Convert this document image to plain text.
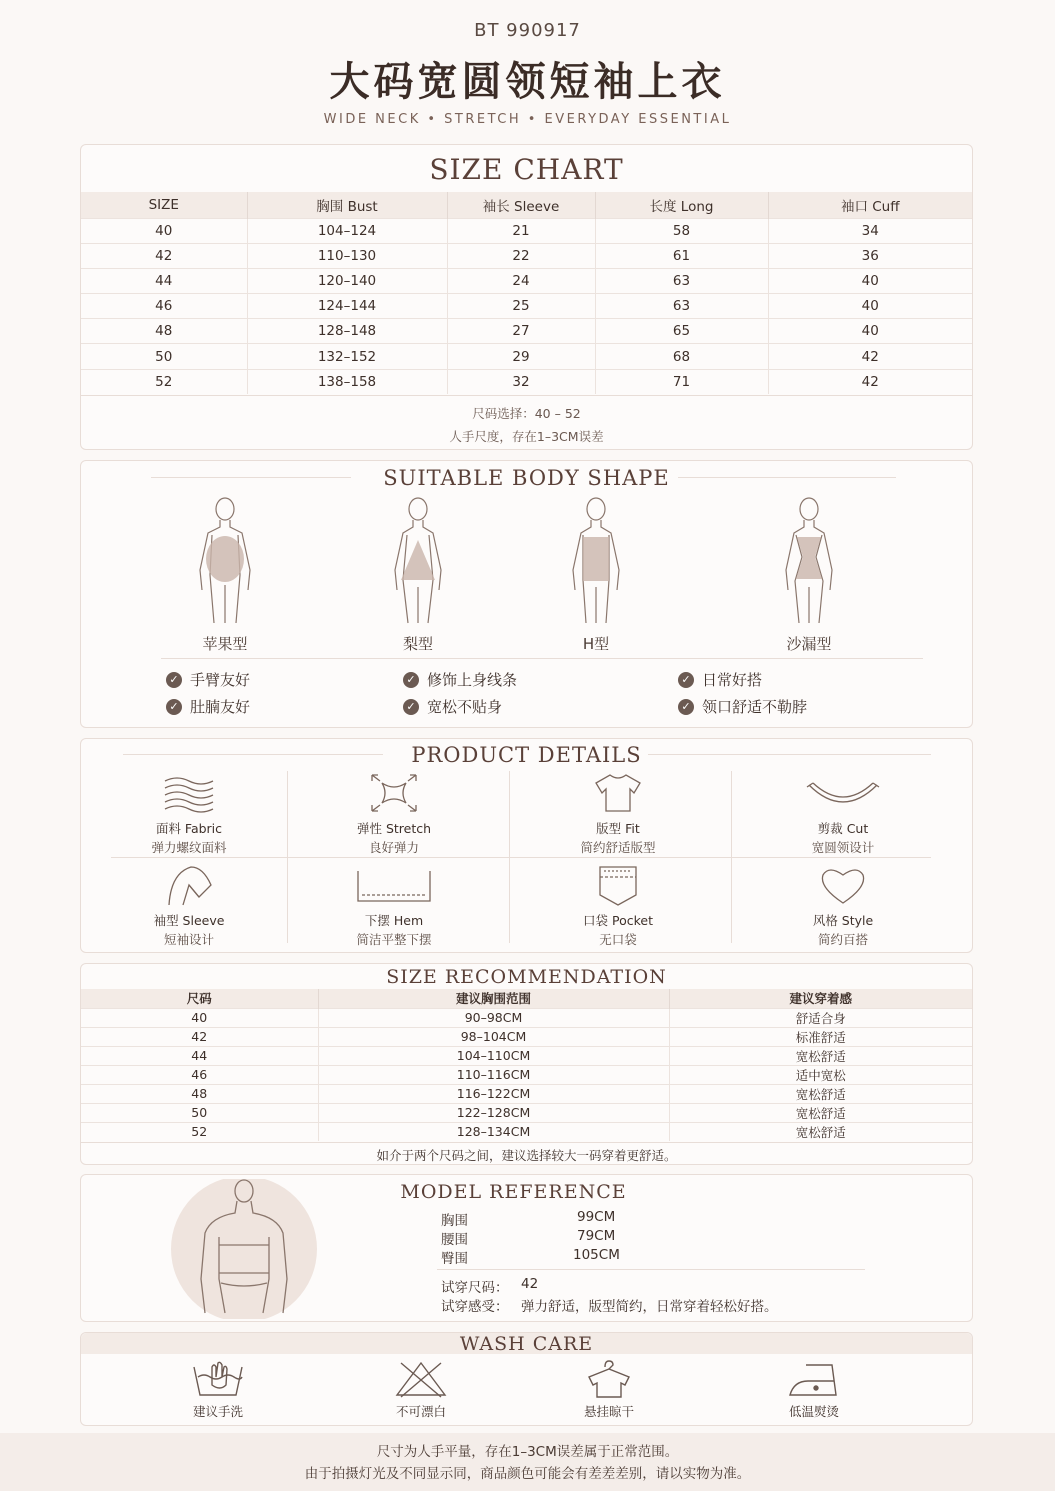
BT 990917
大码宽圆领短袖上衣
WIDE NECK • STRETCH • EVERYDAY ESSENTIAL
SIZE CHART
SIZE	胸围 Bust	袖长 Sleeve	长度 Long	袖口 Cuff
40	104–124	21	58	34
42	110–130	22	61	36
44	120–140	24	63	40
46	124–144	25	63	40
48	128–148	27	65	40
50	132–152	29	68	42
52	138–158	32	71	42
尺码选择：40 – 52
人手尺度，存在1–3CM误差
SUITABLE BODY SHAPE
苹果型	梨型	H型	沙漏型
✓ 手臂友好	✓ 修饰上身线条	✓ 日常好搭
✓ 肚腩友好	✓ 宽松不贴身	✓ 领口舒适不勒脖
PRODUCT DETAILS
面料 Fabric
弹力螺纹面料
弹性 Stretch
良好弹力
版型 Fit
简约舒适版型
剪裁 Cut
宽圆领设计
袖型 Sleeve
短袖设计
下摆 Hem
简洁平整下摆
口袋 Pocket
无口袋
风格 Style
简约百搭
SIZE RECOMMENDATION
尺码	建议胸围范围	建议穿着感
40	90–98CM	舒适合身
42	98–104CM	标准舒适
44	104–110CM	宽松舒适
46	110–116CM	适中宽松
48	116–122CM	宽松舒适
50	122–128CM	宽松舒适
52	128–134CM	宽松舒适
如介于两个尺码之间，建议选择较大一码穿着更舒适。
MODEL REFERENCE
胸围	99CM
腰围	79CM
臀围	105CM
试穿尺码： 42
试穿感受： 弹力舒适，版型简约，日常穿着轻松好搭。
WASH CARE
建议手洗	不可漂白	悬挂晾干	低温熨烫
尺寸为人手平量，存在1–3CM误差属于正常范围。
由于拍摄灯光及不同显示同，商品颜色可能会有差差差别，请以实物为准。
